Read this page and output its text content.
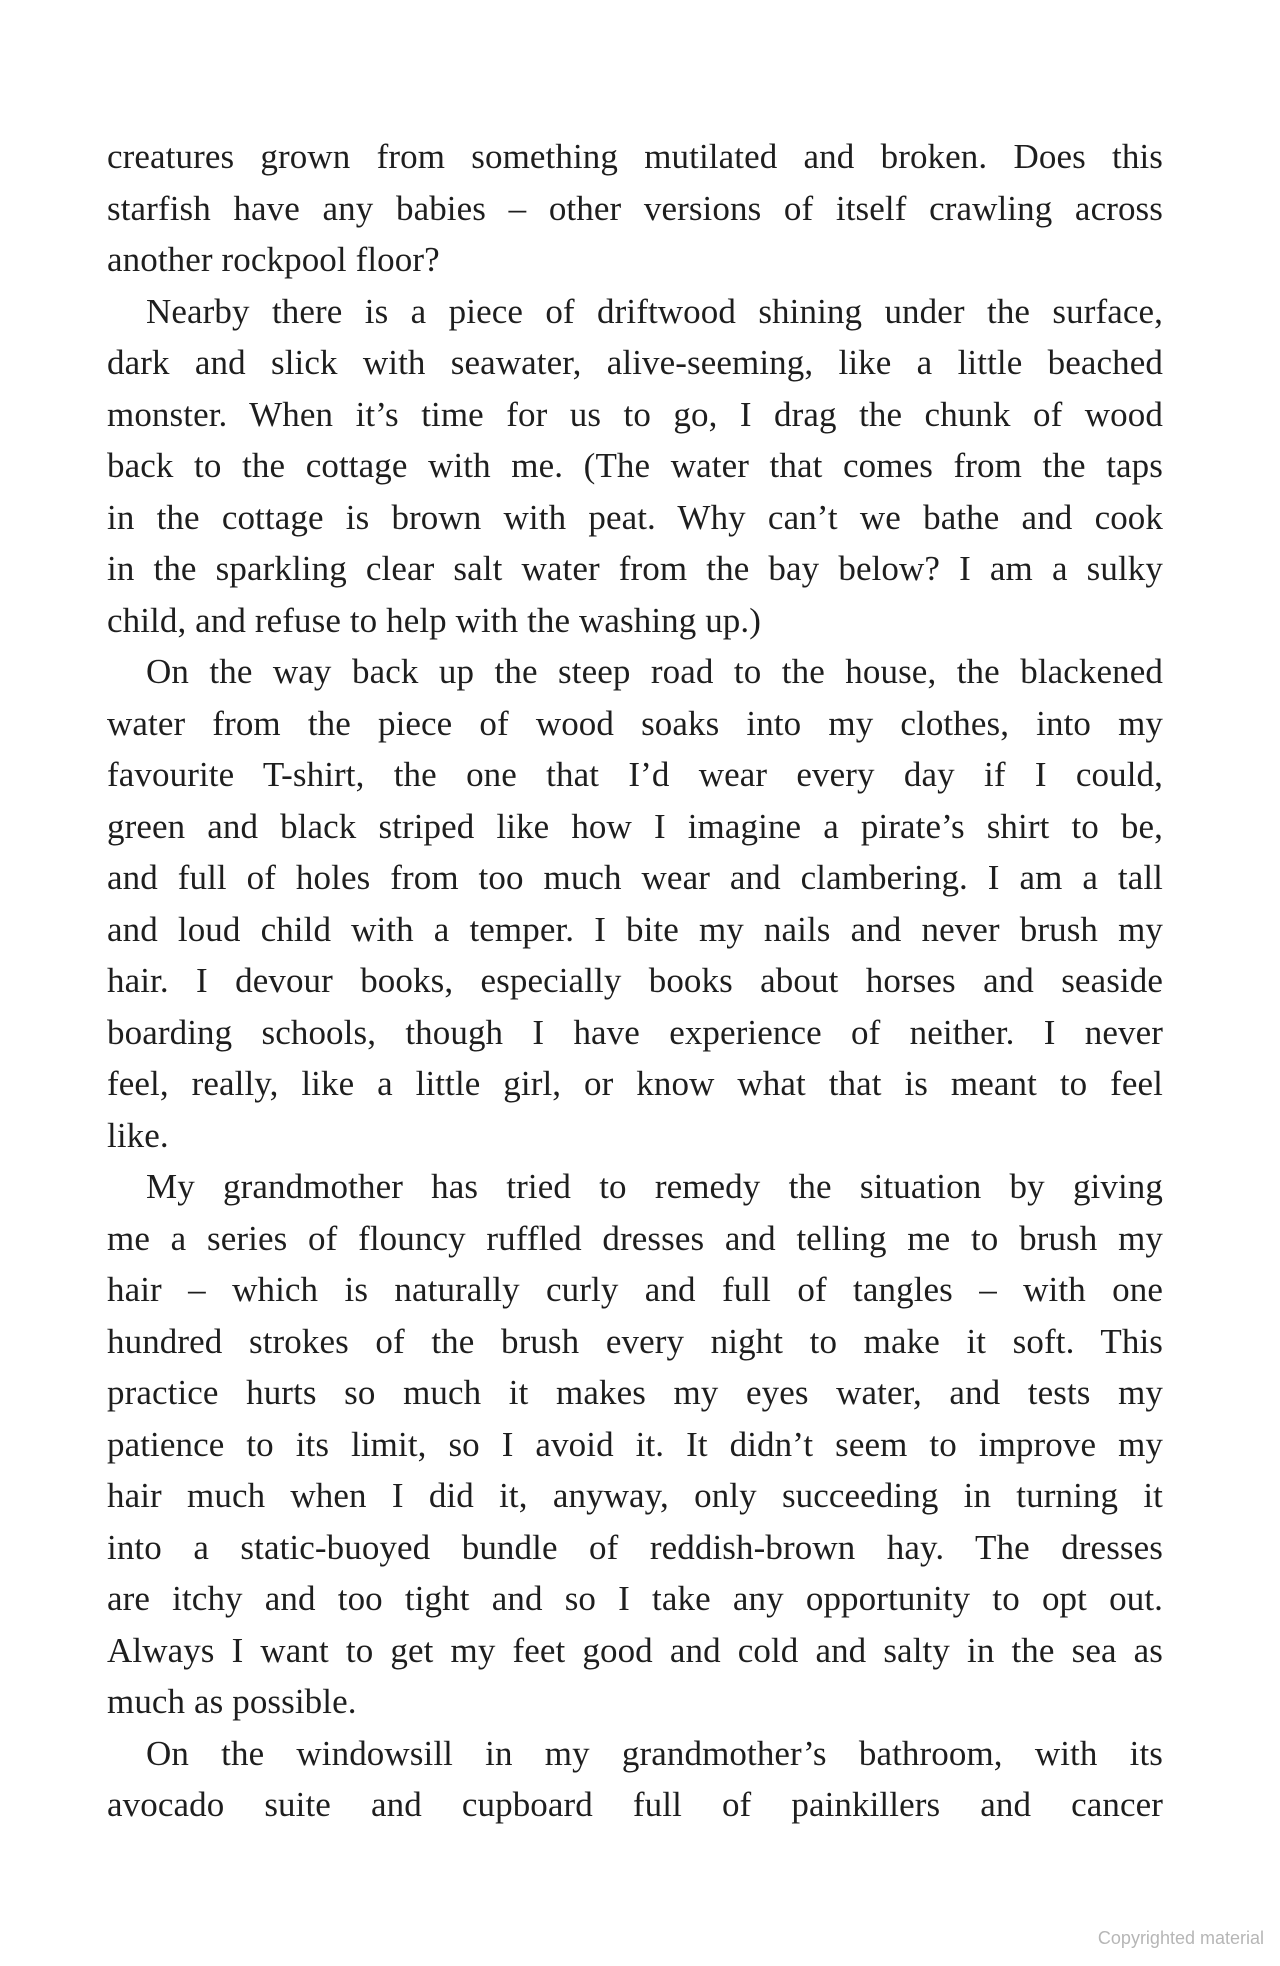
creatures grown from something mutilated and broken. Does this
starfish have any babies – other versions of itself crawling across
another rockpool floor?
Nearby there is a piece of driftwood shining under the surface,
dark and slick with seawater, alive-seeming, like a little beached
monster. When it’s time for us to go, I drag the chunk of wood
back to the cottage with me. (The water that comes from the taps
in the cottage is brown with peat. Why can’t we bathe and cook
in the sparkling clear salt water from the bay below? I am a sulky
child, and refuse to help with the washing up.)
On the way back up the steep road to the house, the blackened
water from the piece of wood soaks into my clothes, into my
favourite T-shirt, the one that I’d wear every day if I could,
green and black striped like how I imagine a pirate’s shirt to be,
and full of holes from too much wear and clambering. I am a tall
and loud child with a temper. I bite my nails and never brush my
hair. I devour books, especially books about horses and seaside
boarding schools, though I have experience of neither. I never
feel, really, like a little girl, or know what that is meant to feel
like.
My grandmother has tried to remedy the situation by giving
me a series of flouncy ruffled dresses and telling me to brush my
hair – which is naturally curly and full of tangles – with one
hundred strokes of the brush every night to make it soft. This
practice hurts so much it makes my eyes water, and tests my
patience to its limit, so I avoid it. It didn’t seem to improve my
hair much when I did it, anyway, only succeeding in turning it
into a static-buoyed bundle of reddish-brown hay. The dresses
are itchy and too tight and so I take any opportunity to opt out.
Always I want to get my feet good and cold and salty in the sea as
much as possible.
On the windowsill in my grandmother’s bathroom, with its
avocado suite and cupboard full of painkillers and cancer
Copyrighted material
